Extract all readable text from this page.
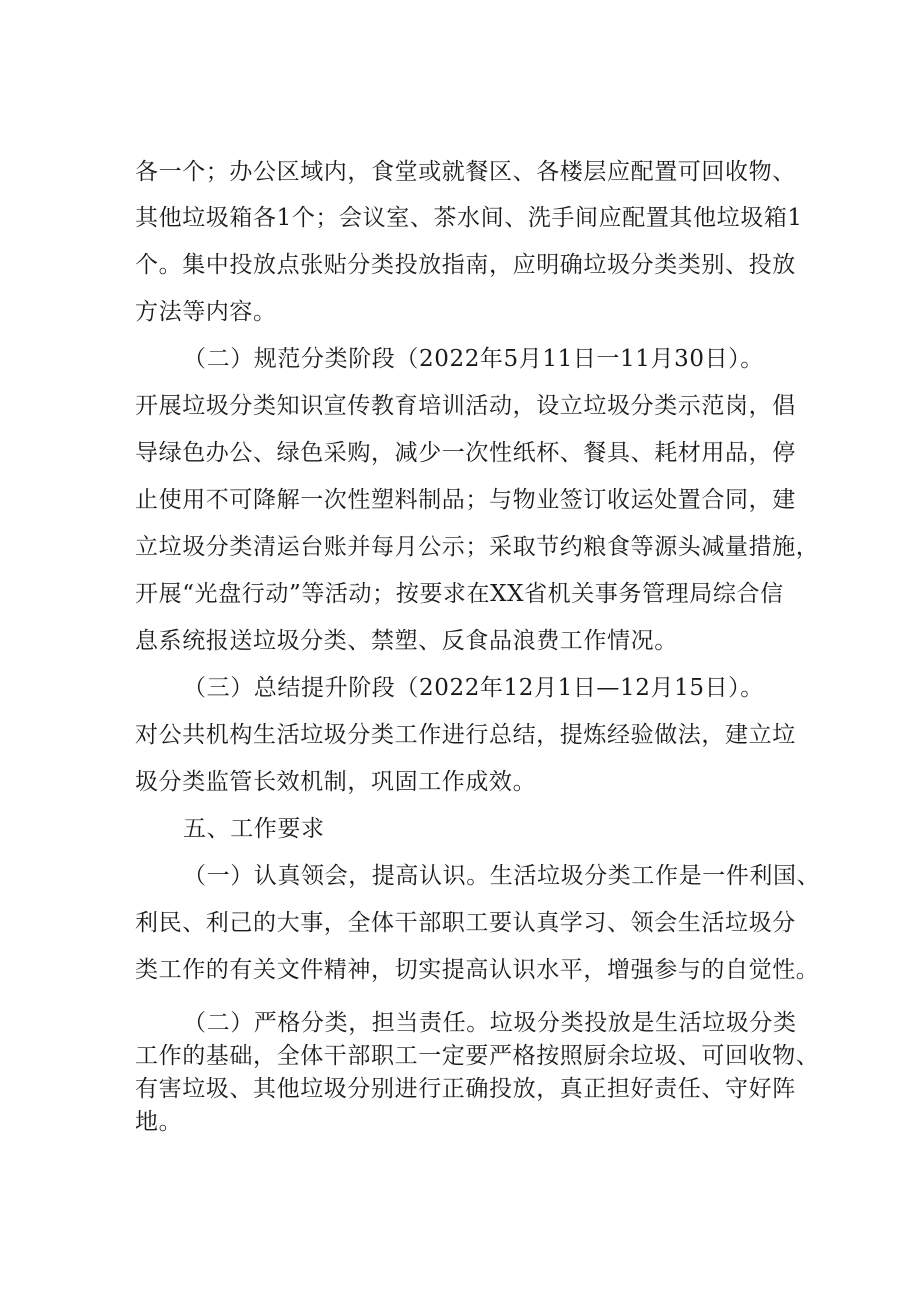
各一个；办公区域内，食堂或就餐区、各楼层应配置可回收物、
其他垃圾箱各1个；会议室、茶水间、洗手间应配置其他垃圾箱1
个。集中投放点张贴分类投放指南，应明确垃圾分类类别、投放
方法等内容。
（二）规范分类阶段（2022年5月11日一11月30日）。
开展垃圾分类知识宣传教育培训活动，设立垃圾分类示范岗，倡
导绿色办公、绿色采购，减少一次性纸杯、餐具、耗材用品，停
止使用不可降解一次性塑料制品；与物业签订收运处置合同，建
立垃圾分类清运台账并每月公示；采取节约粮食等源头减量措施，
开展“光盘行动”等活动；按要求在XX省机关事务管理局综合信
息系统报送垃圾分类、禁塑、反食品浪费工作情况。
（三）总结提升阶段（2022年12月1日—12月15日）。
对公共机构生活垃圾分类工作进行总结，提炼经验做法，建立垃
圾分类监管长效机制，巩固工作成效。
五、工作要求
（一）认真领会，提高认识。生活垃圾分类工作是一件利国、
利民、利己的大事，全体干部职工要认真学习、领会生活垃圾分
类工作的有关文件精神，切实提高认识水平，增强参与的自觉性。
（二）严格分类，担当责任。垃圾分类投放是生活垃圾分类
工作的基础，全体干部职工一定要严格按照厨余垃圾、可回收物、
有害垃圾、其他垃圾分别进行正确投放，真正担好责任、守好阵
地。
